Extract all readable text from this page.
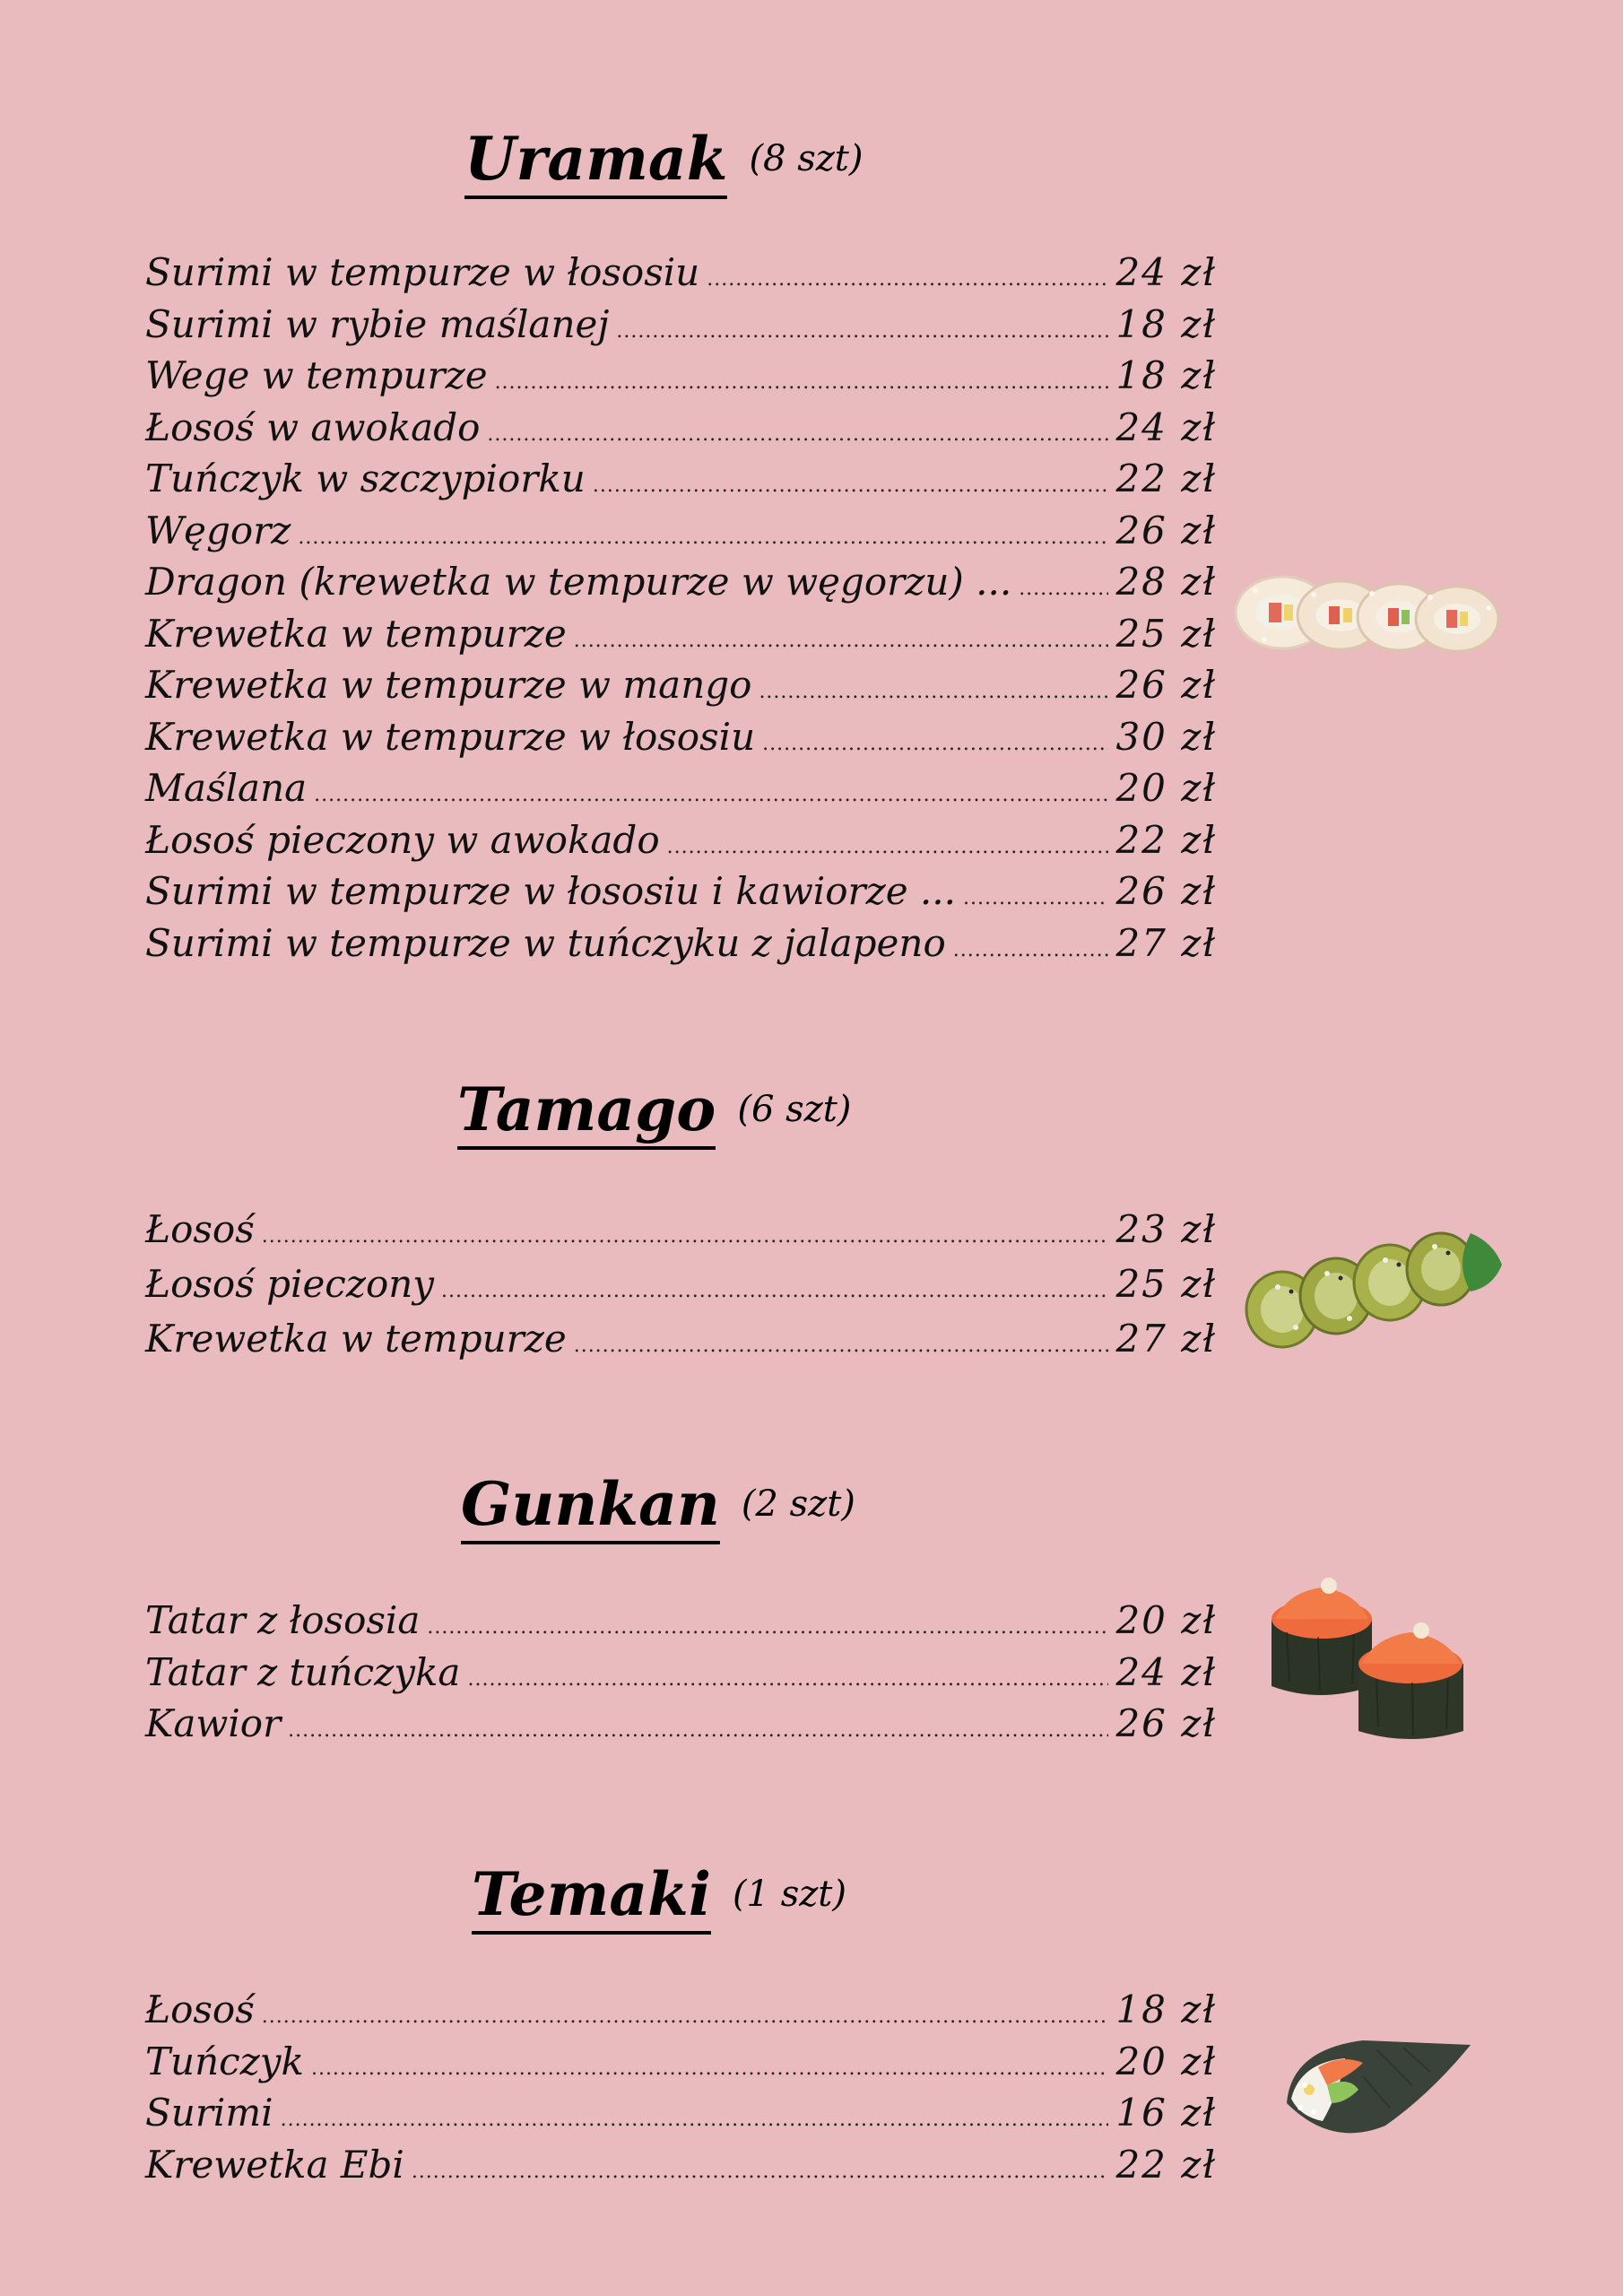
Uramak (8 szt)
Surimi w tempurze w łososiu .....	24 zł
Surimi w rybie maślanej .....	18 zł
Wege w tempurze .....	18 zł
Łosoś w awokado .....	24 zł
Tuńczyk w szczypiorku .....	22 zł
Węgorz .....	26 zł
Dragon (krewetka w tempurze w węgorzu) ... .....	28 zł
Krewetka w tempurze .....	25 zł
Krewetka w tempurze w mango .....	26 zł
Krewetka w tempurze w łososiu .....	30 zł
Maślana .....	20 zł
Łosoś pieczony w awokado .....	22 zł
Surimi w tempurze w łososiu i kawiorze ... .....	26 zł
Surimi w tempurze w tuńczyku z jalapeno .....	27 zł
Tamago (6 szt)
Łosoś .....	23 zł
Łosoś pieczony .....	25 zł
Krewetka w tempurze .....	27 zł
Gunkan (2 szt)
Tatar z łososia .....	20 zł
Tatar z tuńczyka .....	24 zł
Kawior .....	26 zł
Temaki (1 szt)
Łosoś .....	18 zł
Tuńczyk .....	20 zł
Surimi .....	16 zł
Krewetka Ebi .....	22 zł
